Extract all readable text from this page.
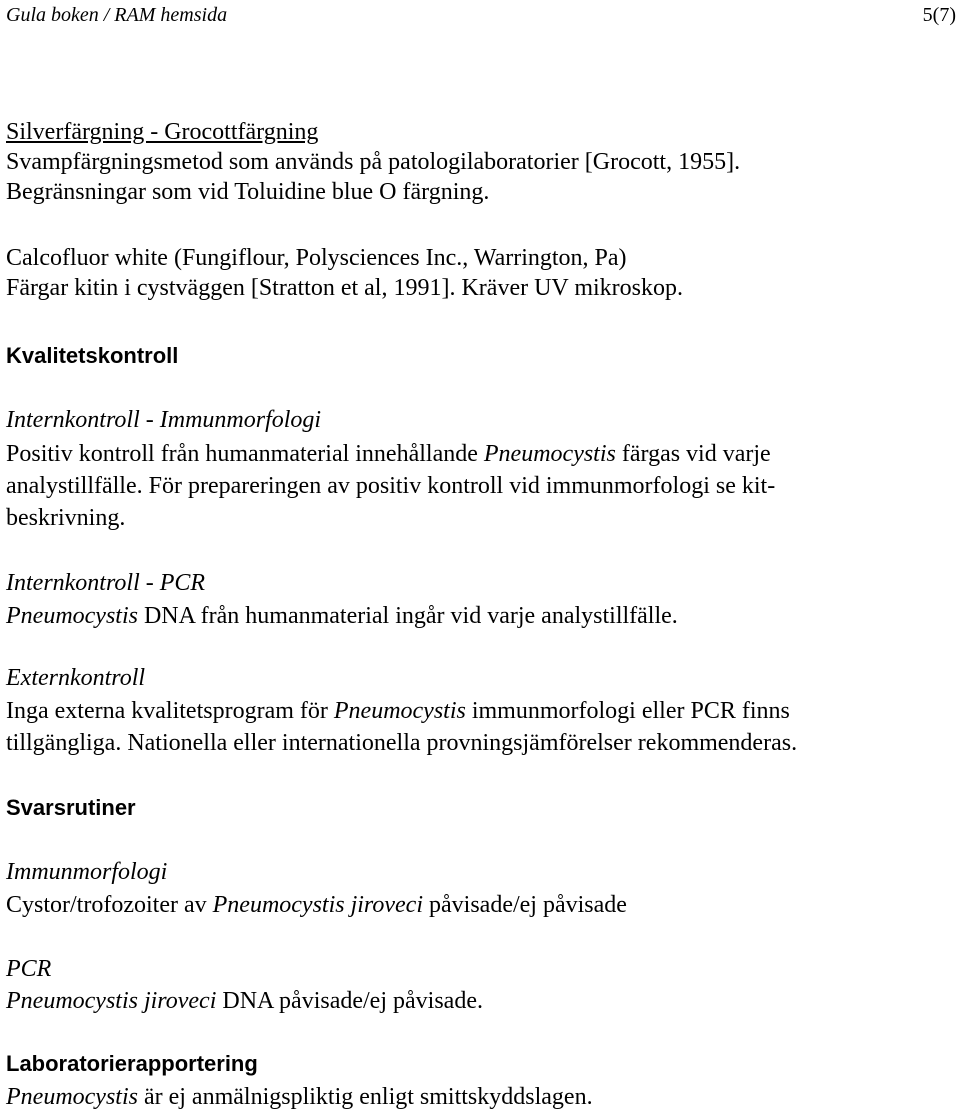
Gula boken / RAM hemsida	5(7)
Silverfärgning - Grocottfärgning
Svampfärgningsmetod som används på patologilaboratorier [Grocott, 1955].
Begränsningar som vid Toluidine blue O färgning.
Calcofluor white (Fungiflour, Polysciences Inc., Warrington, Pa)
Färgar kitin i cystväggen [Stratton et al, 1991]. Kräver UV mikroskop.
Kvalitetskontroll
Internkontroll - Immunmorfologi
Positiv kontroll från humanmaterial innehållande Pneumocystis färgas vid varje
analystillfälle. För prepareringen av positiv kontroll vid immunmorfologi se kit-
beskrivning.
Internkontroll - PCR
Pneumocystis DNA från humanmaterial ingår vid varje analystillfälle.
Externkontroll
Inga externa kvalitetsprogram för Pneumocystis immunmorfologi eller PCR finns
tillgängliga. Nationella eller internationella provningsjämförelser rekommenderas.
Svarsrutiner
Immunmorfologi
Cystor/trofozoiter av Pneumocystis jiroveci påvisade/ej påvisade
PCR
Pneumocystis jiroveci DNA påvisade/ej påvisade.
Laboratorierapportering
Pneumocystis är ej anmälnigspliktig enligt smittskyddslagen.
